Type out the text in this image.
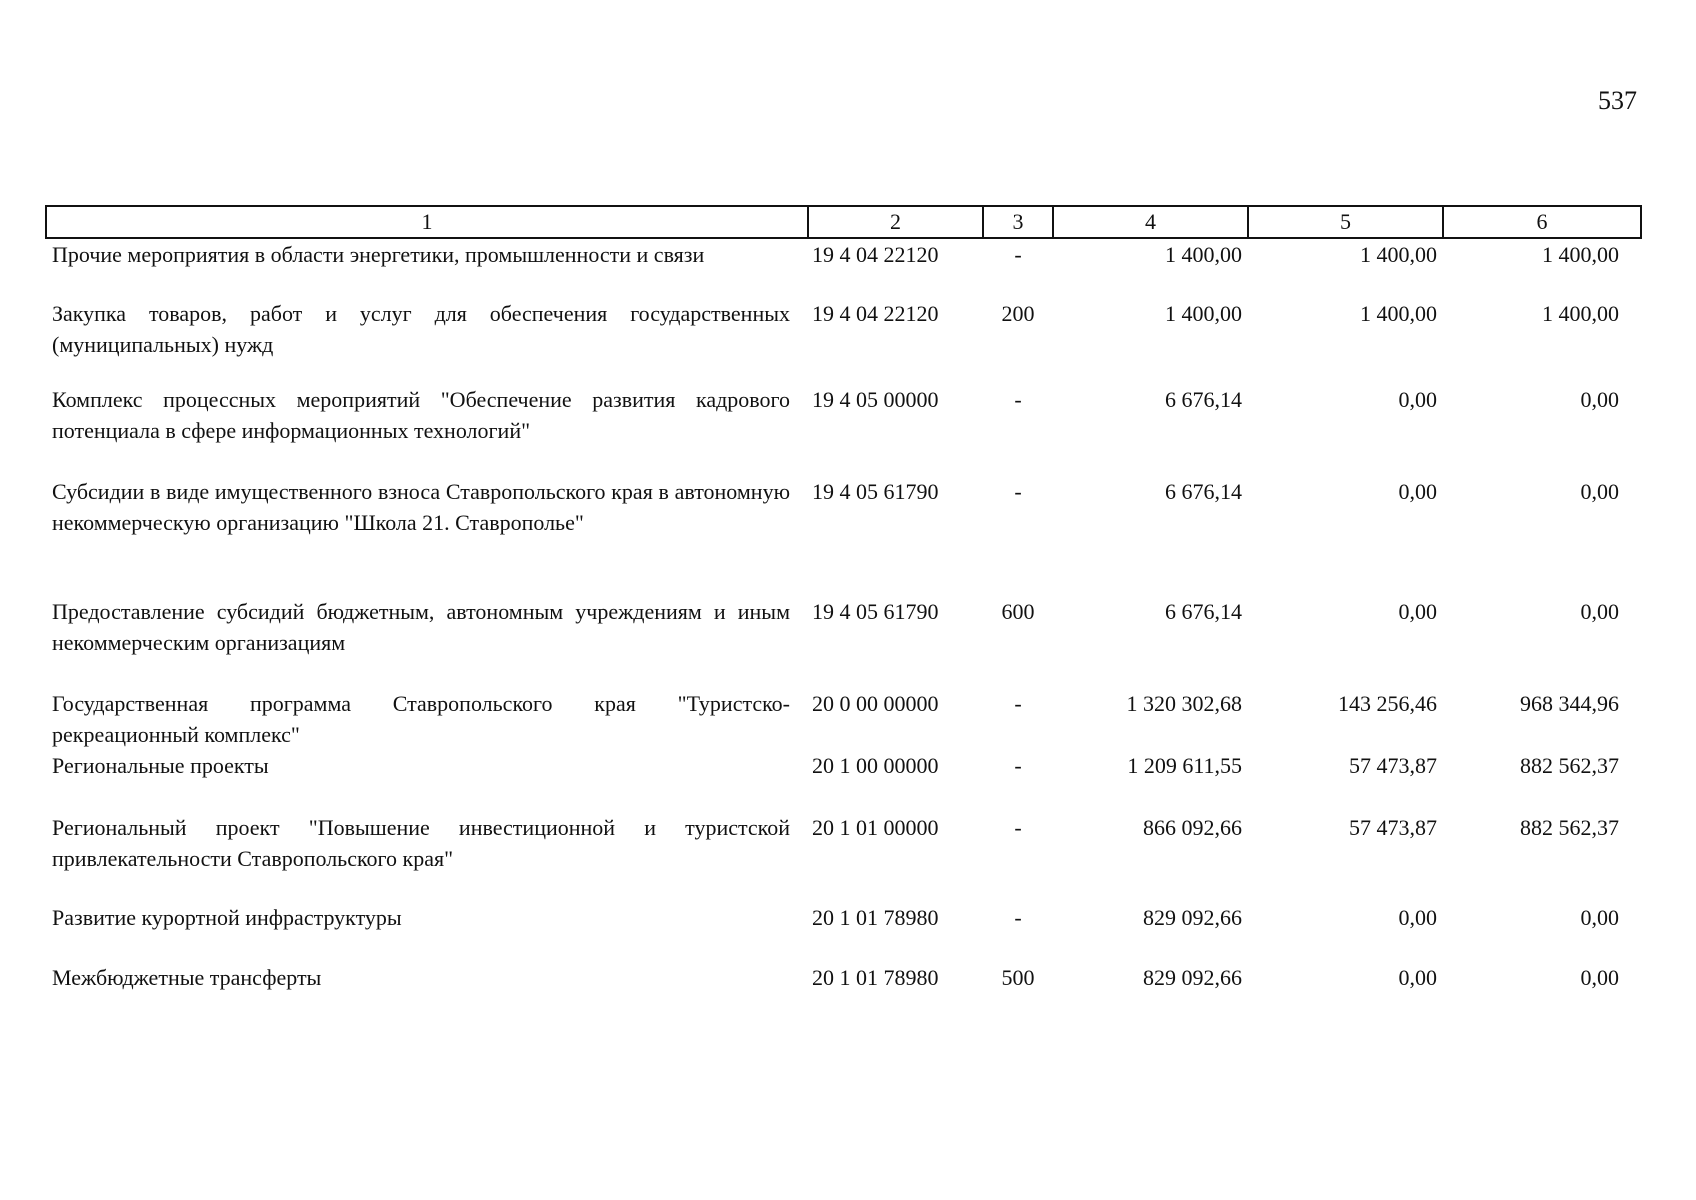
537
1	2	3	4	5	6
Прочие мероприятия в области энергетики, промышленности и связи	19 4 04 22120	-	1 400,00	1 400,00	1 400,00
Закупка товаров, работ и услуг для обеспечения государственных (муниципальных) нужд	19 4 04 22120	200	1 400,00	1 400,00	1 400,00
Комплекс процессных мероприятий "Обеспечение развития кадрового потенциала в сфере информационных технологий"	19 4 05 00000	-	6 676,14	0,00	0,00
Субсидии в виде имущественного взноса Ставропольского края в автономную некоммерческую организацию "Школа 21. Ставрополье"	19 4 05 61790	-	6 676,14	0,00	0,00
Предоставление субсидий бюджетным, автономным учреждениям и иным некоммерческим организациям	19 4 05 61790	600	6 676,14	0,00	0,00
Государственная программа Ставропольского края "Туристско-рекреационный комплекс"	20 0 00 00000	-	1 320 302,68	143 256,46	968 344,96
Региональные проекты	20 1 00 00000	-	1 209 611,55	57 473,87	882 562,37
Региональный проект "Повышение инвестиционной и туристской привлекательности Ставропольского края"	20 1 01 00000	-	866 092,66	57 473,87	882 562,37
Развитие курортной инфраструктуры	20 1 01 78980	-	829 092,66	0,00	0,00
Межбюджетные трансферты	20 1 01 78980	500	829 092,66	0,00	0,00
